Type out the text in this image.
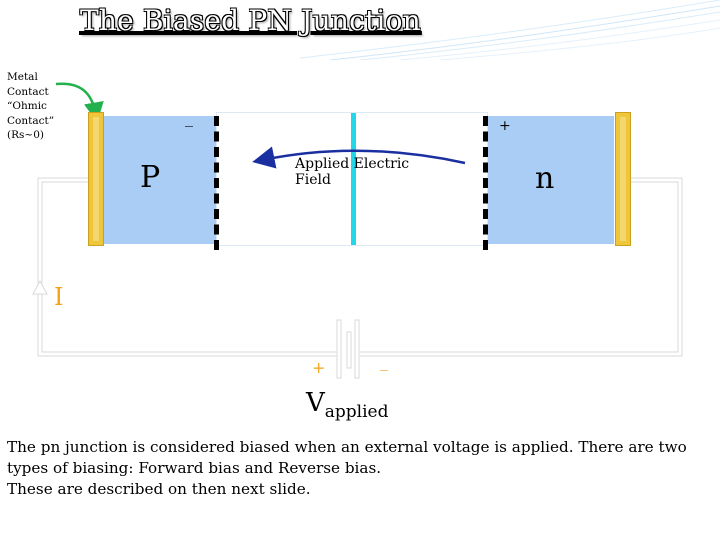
The Biased PN Junction
Metal
Contact
“Ohmic
Contact”
(Rs~0)
P	n
_	+
Applied Electric Field
I
+	_
$V_{applied}$

The pn junction is considered biased when an external voltage is applied. There are two

types of biasing: Forward bias and Reverse bias.

These are described on then next slide.
